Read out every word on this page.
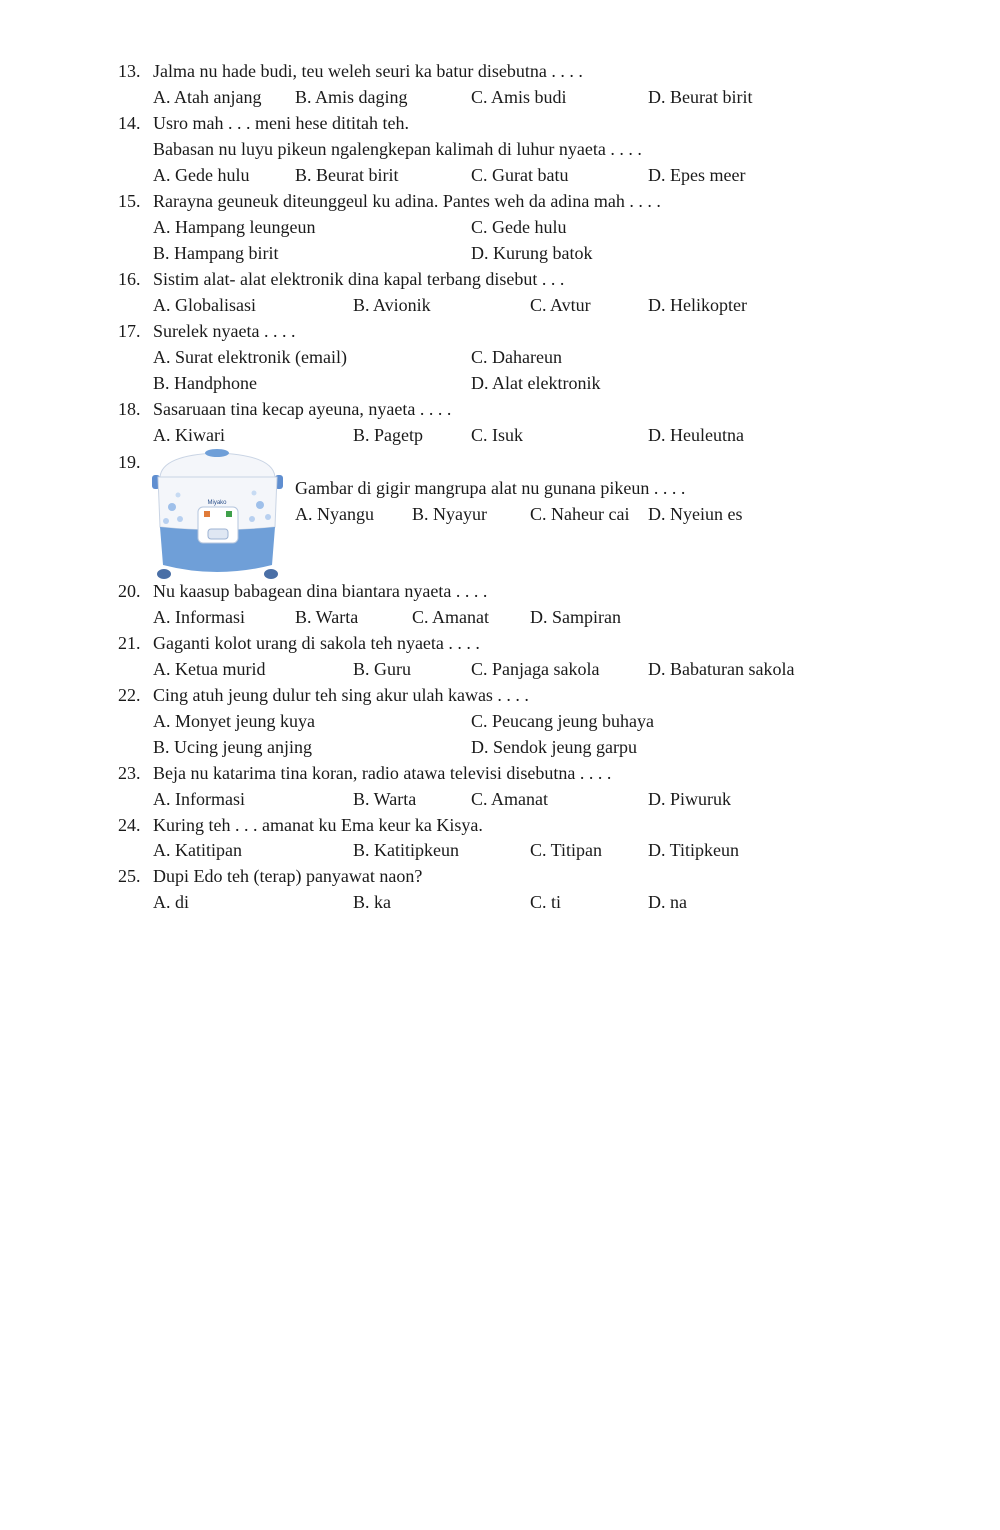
13. Jalma nu hade budi, teu weleh seuri ka batur disebutna . . . .
A. Atah anjang B. Amis daging	C. Amis budi	D. Beurat birit
14. Usro mah . . . meni hese dititah teh.
Babasan nu luyu pikeun ngalengkepan kalimah di luhur nyaeta . . . .
A. Gede hulu	B. Beurat birit	C. Gurat batu	D. Epes meer
15. Rarayna geuneuk diteunggeul ku adina. Pantes weh da adina mah . . . .
A. Hampang leungeun	C. Gede hulu
B. Hampang birit	D. Kurung batok
16. Sistim alat- alat elektronik dina kapal terbang disebut . . .
A. Globalisasi	B. Avionik	C. Avtur	D. Helikopter
17. Surelek nyaeta . . . .
A. Surat elektronik (email)	C. Dahareun
B. Handphone	D. Alat elektronik
18. Sasaruaan tina kecap ayeuna, nyaeta . . . .
A. Kiwari	B. Pagetp	C. Isuk	D. Heuleutna
19.
Miyako
Gambar di gigir mangrupa alat nu gunana pikeun . . . .
A. Nyangu B. Nyayur C. Naheur cai D. Nyeiun es
20. Nu kaasup babagean dina biantara nyaeta . . . .
A. Informasi	B. Warta	C. Amanat D. Sampiran
21. Gaganti kolot urang di sakola teh nyaeta . . . .
A. Ketua murid	B. Guru	C. Panjaga sakola	D. Babaturan sakola
22. Cing atuh jeung dulur teh sing akur ulah kawas . . . .
A. Monyet jeung kuya	C. Peucang jeung buhaya
B. Ucing jeung anjing	D. Sendok jeung garpu
23. Beja nu katarima tina koran, radio atawa televisi disebutna . . . .
A. Informasi	B. Warta	C. Amanat	D. Piwuruk
24. Kuring teh . . . amanat ku Ema keur ka Kisya.
A. Katitipan	B. Katitipkeun	C. Titipan	D. Titipkeun
25. Dupi Edo teh (terap) panyawat naon?
A. di	B. ka	C. ti	D. na
